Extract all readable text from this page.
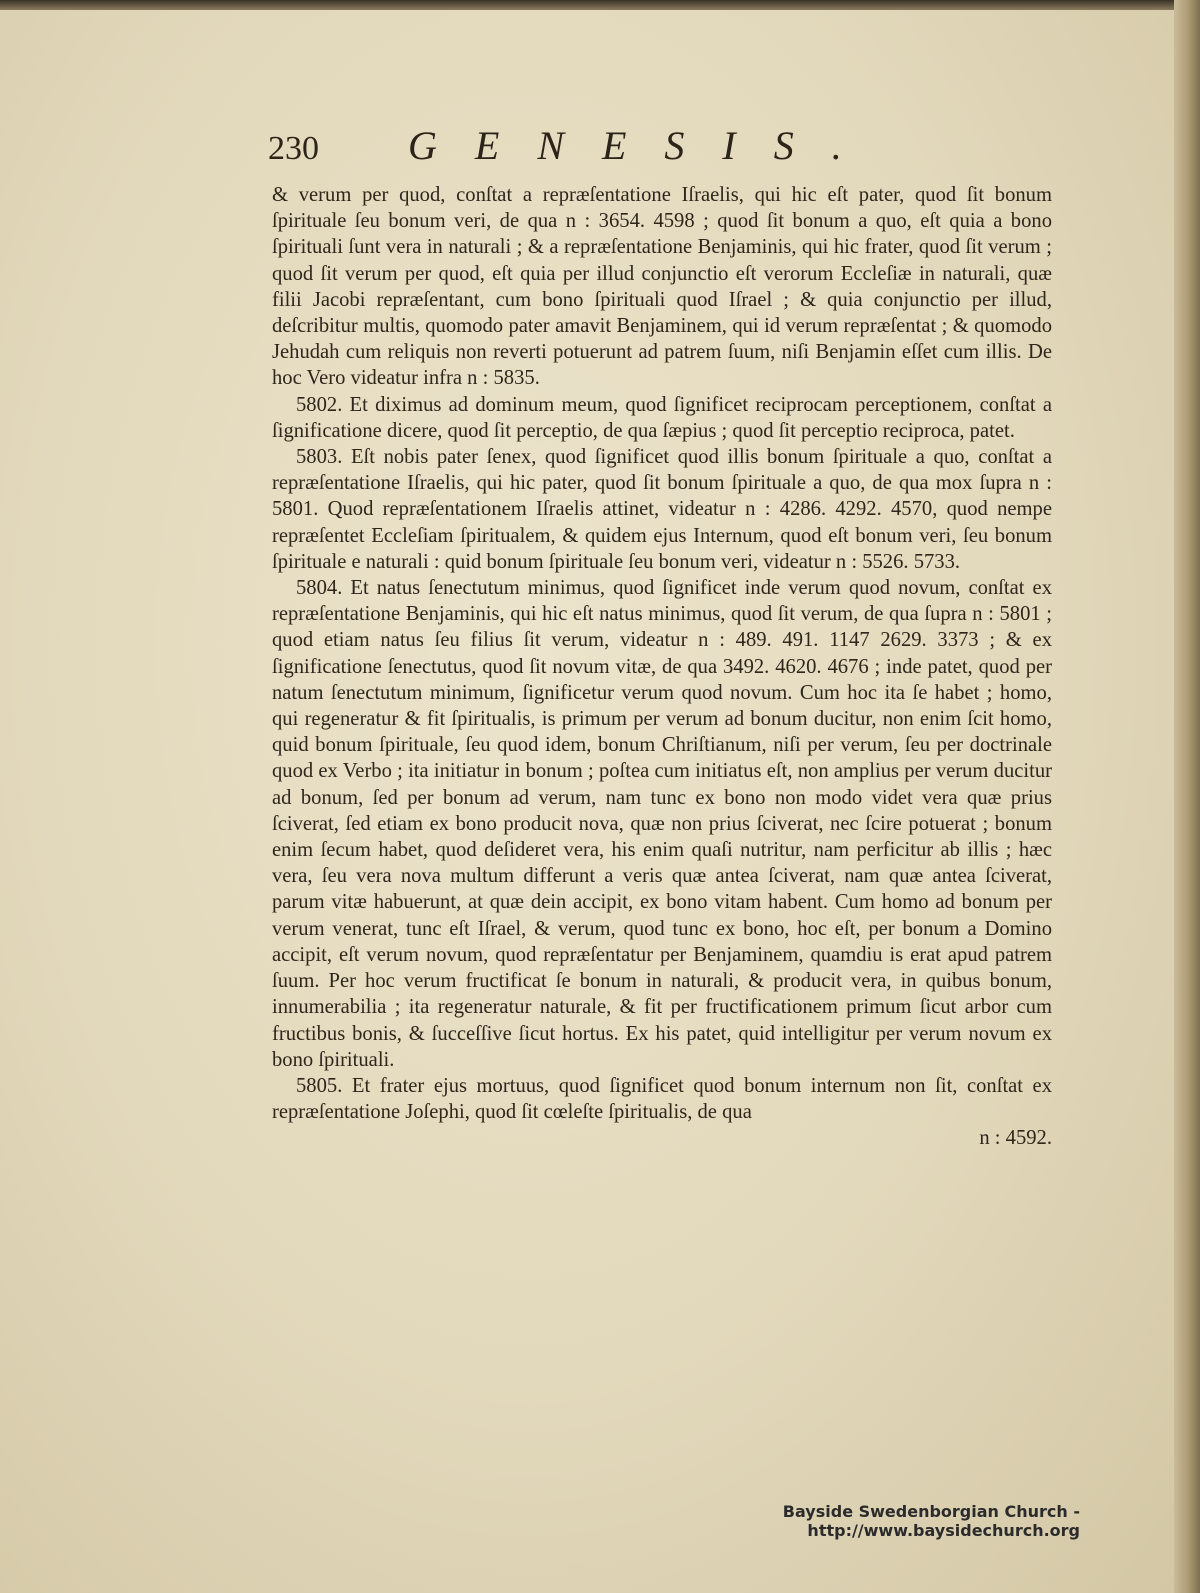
230 GENESIS.

& verum per quod, conſtat a repræſentatione Iſraelis, qui hic eſt pater, quod ſit bonum ſpirituale ſeu bonum veri, de qua n : 3654. 4598 ; quod ſit bonum a quo, eſt quia a bono ſpirituali ſunt vera in naturali ; & a repræſentatione Benjaminis, qui hic frater, quod ſit verum ; quod ſit verum per quod, eſt quia per illud conjunctio eſt verorum Eccleſiæ in naturali, quæ filii Jacobi repræſentant, cum bono ſpirituali quod Iſrael ; & quia conjunctio per illud, deſcribitur multis, quomodo pater amavit Benjaminem, qui id verum repræſentat ; & quomodo Jehudah cum reliquis non reverti potuerunt ad patrem ſuum, niſi Benjamin eſſet cum illis. De hoc Vero videatur infra n : 5835.

5802. Et diximus ad dominum meum, quod ſignificet reciprocam perceptionem, conſtat a ſignificatione dicere, quod ſit perceptio, de qua ſæpius ; quod ſit perceptio reciproca, patet.

5803. Eſt nobis pater ſenex, quod ſignificet quod illis bonum ſpirituale a quo, conſtat a repræſentatione Iſraelis, qui hic pater, quod ſit bonum ſpirituale a quo, de qua mox ſupra n : 5801. Quod repræſentationem Iſraelis attinet, videatur n : 4286. 4292. 4570, quod nempe repræſentet Eccleſiam ſpiritualem, & quidem ejus Internum, quod eſt bonum veri, ſeu bonum ſpirituale e naturali : quid bonum ſpirituale ſeu bonum veri, videatur n : 5526. 5733.

5804. Et natus ſenectutum minimus, quod ſignificet inde verum quod novum, conſtat ex repræſentatione Benjaminis, qui hic eſt natus minimus, quod ſit verum, de qua ſupra n : 5801 ; quod etiam natus ſeu filius ſit verum, videatur n : 489. 491. 1147 2629. 3373 ; & ex ſignificatione ſenectutus, quod ſit novum vitæ, de qua 3492. 4620. 4676 ; inde patet, quod per natum ſenectutum minimum, ſignificetur verum quod novum. Cum hoc ita ſe habet ; homo, qui regeneratur & fit ſpiritualis, is primum per verum ad bonum ducitur, non enim ſcit homo, quid bonum ſpirituale, ſeu quod idem, bonum Chriſtianum, niſi per verum, ſeu per doctrinale quod ex Verbo ; ita initiatur in bonum ; poſtea cum initiatus eſt, non amplius per verum ducitur ad bonum, ſed per bonum ad verum, nam tunc ex bono non modo videt vera quæ prius ſciverat, ſed etiam ex bono producit nova, quæ non prius ſciverat, nec ſcire potuerat ; bonum enim ſecum habet, quod deſideret vera, his enim quaſi nutritur, nam perficitur ab illis ; hæc vera, ſeu vera nova multum differunt a veris quæ antea ſciverat, nam quæ antea ſciverat, parum vitæ habuerunt, at quæ dein accipit, ex bono vitam habent. Cum homo ad bonum per verum venerat, tunc eſt Iſrael, & verum, quod tunc ex bono, hoc eſt, per bonum a Domino accipit, eſt verum novum, quod repræſentatur per Benjaminem, quamdiu is erat apud patrem ſuum. Per hoc verum fructificat ſe bonum in naturali, & producit vera, in quibus bonum, innumerabilia ; ita regeneratur naturale, & fit per fructificationem primum ſicut arbor cum fructibus bonis, & ſucceſſive ſicut hortus. Ex his patet, quid intelligitur per verum novum ex bono ſpirituali.

5805. Et frater ejus mortuus, quod ſignificet quod bonum internum non ſit, conſtat ex repræſentatione Joſephi, quod ſit cœleſte ſpiritualis, de qua

n : 4592.

Bayside Swedenborgian Church - http://www.baysidechurch.org
